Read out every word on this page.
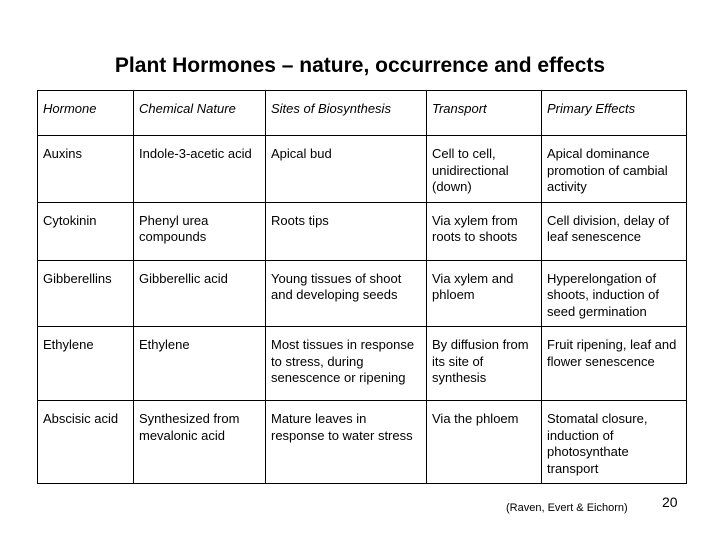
Plant Hormones – nature, occurrence and effects
Hormone	Chemical Nature	Sites of Biosynthesis	Transport	Primary Effects
Auxins	Indole-3-acetic acid	Apical bud	Cell to cell, unidirectional (down)	Apical dominance promotion of cambial activity
Cytokinin	Phenyl urea compounds	Roots tips	Via xylem from roots to shoots	Cell division, delay of leaf senescence
Gibberellins	Gibberellic acid	Young tissues of shoot and developing seeds	Via xylem and phloem	Hyperelongation of shoots, induction of seed germination
Ethylene	Ethylene	Most tissues in response to stress, during senescence or ripening	By diffusion from its site of synthesis	Fruit ripening, leaf and flower senescence
Abscisic acid	Synthesized from mevalonic acid	Mature leaves in response to water stress	Via the phloem	Stomatal closure, induction of photosynthate transport
(Raven, Evert & Eichorn) 20
